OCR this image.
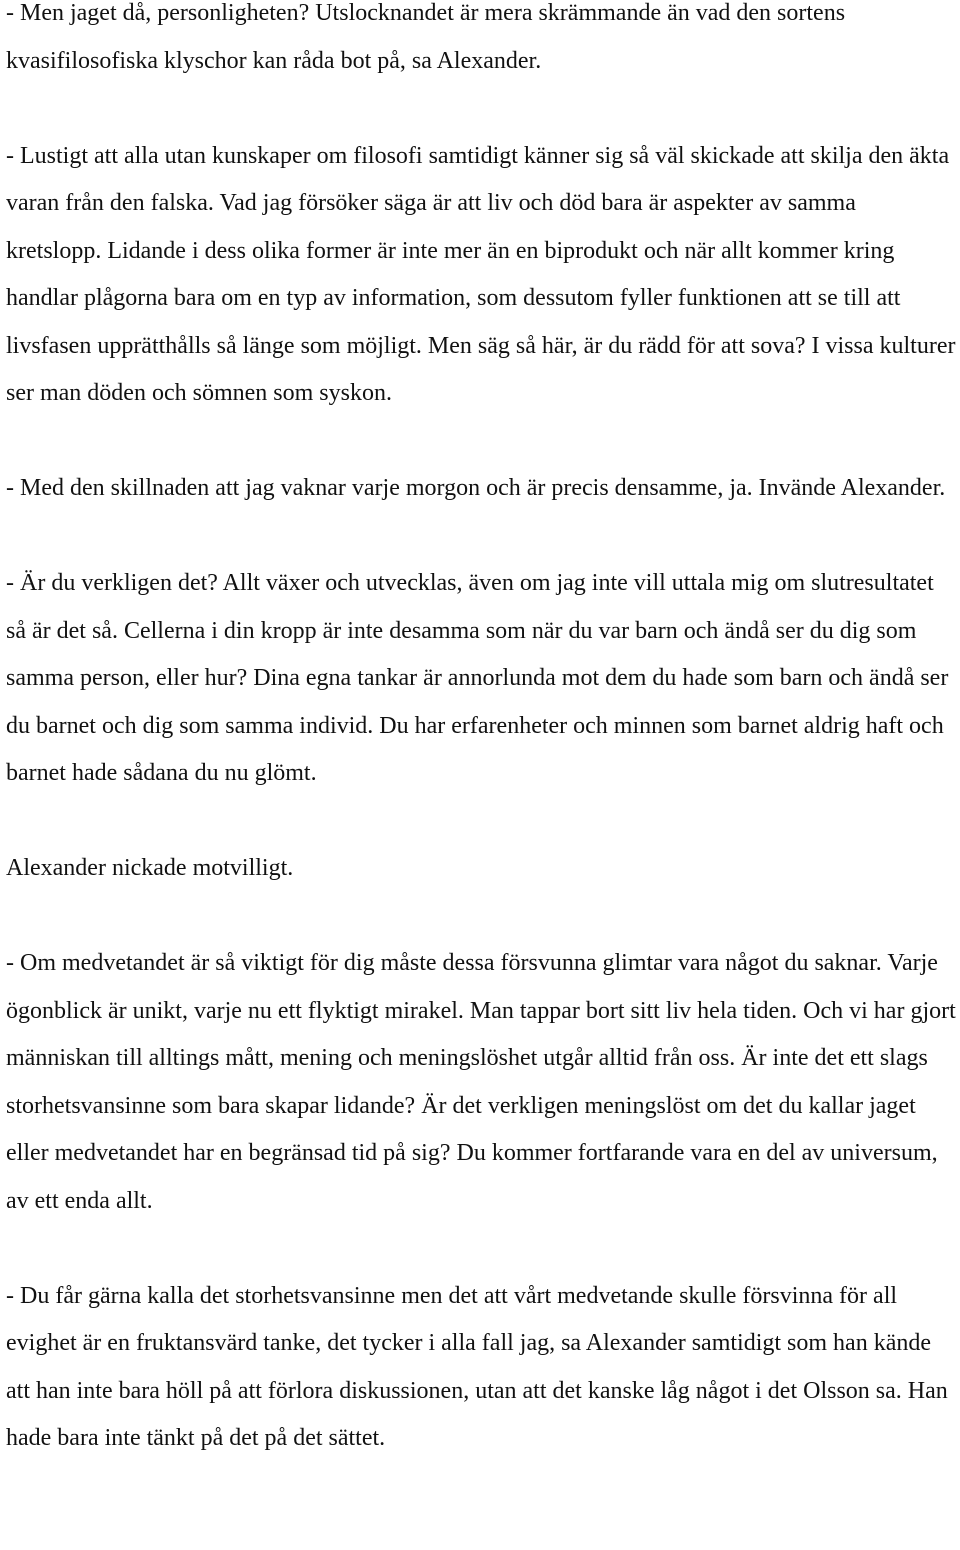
- Men jaget då, personligheten? Utslocknandet är mera skrämmande än vad den sortens kvasifilosofiska klyschor kan råda bot på, sa Alexander.

- Lustigt att alla utan kunskaper om filosofi samtidigt känner sig så väl skickade att skilja den äkta varan från den falska. Vad jag försöker säga är att liv och död bara är aspekter av samma kretslopp. Lidande i dess olika former är inte mer än en biprodukt och när allt kommer kring handlar plågorna bara om en typ av information, som dessutom fyller funktionen att se till att livsfasen upprätthålls så länge som möjligt. Men säg så här, är du rädd för att sova? I vissa kulturer ser man döden och sömnen som syskon.

- Med den skillnaden att jag vaknar varje morgon och är precis densamme, ja. Invände Alexander.

- Är du verkligen det? Allt växer och utvecklas, även om jag inte vill uttala mig om slutresultatet så är det så. Cellerna i din kropp är inte desamma som när du var barn och ändå ser du dig som samma person, eller hur? Dina egna tankar är annorlunda mot dem du hade som barn och ändå ser du barnet och dig som samma individ. Du har erfarenheter och minnen som barnet aldrig haft och barnet hade sådana du nu glömt.

Alexander nickade motvilligt.

- Om medvetandet är så viktigt för dig måste dessa försvunna glimtar vara något du saknar. Varje ögonblick är unikt, varje nu ett flyktigt mirakel. Man tappar bort sitt liv hela tiden. Och vi har gjort människan till alltings mått, mening och meningslöshet utgår alltid från oss. Är inte det ett slags storhetsvansinne som bara skapar lidande? Är det verkligen meningslöst om det du kallar jaget eller medvetandet har en begränsad tid på sig? Du kommer fortfarande vara en del av universum, av ett enda allt.

- Du får gärna kalla det storhetsvansinne men det att vårt medvetande skulle försvinna för all evighet är en fruktansvärd tanke, det tycker i alla fall jag, sa Alexander samtidigt som han kände att han inte bara höll på att förlora diskussionen, utan att det kanske låg något i det Olsson sa. Han hade bara inte tänkt på det på det sättet.
